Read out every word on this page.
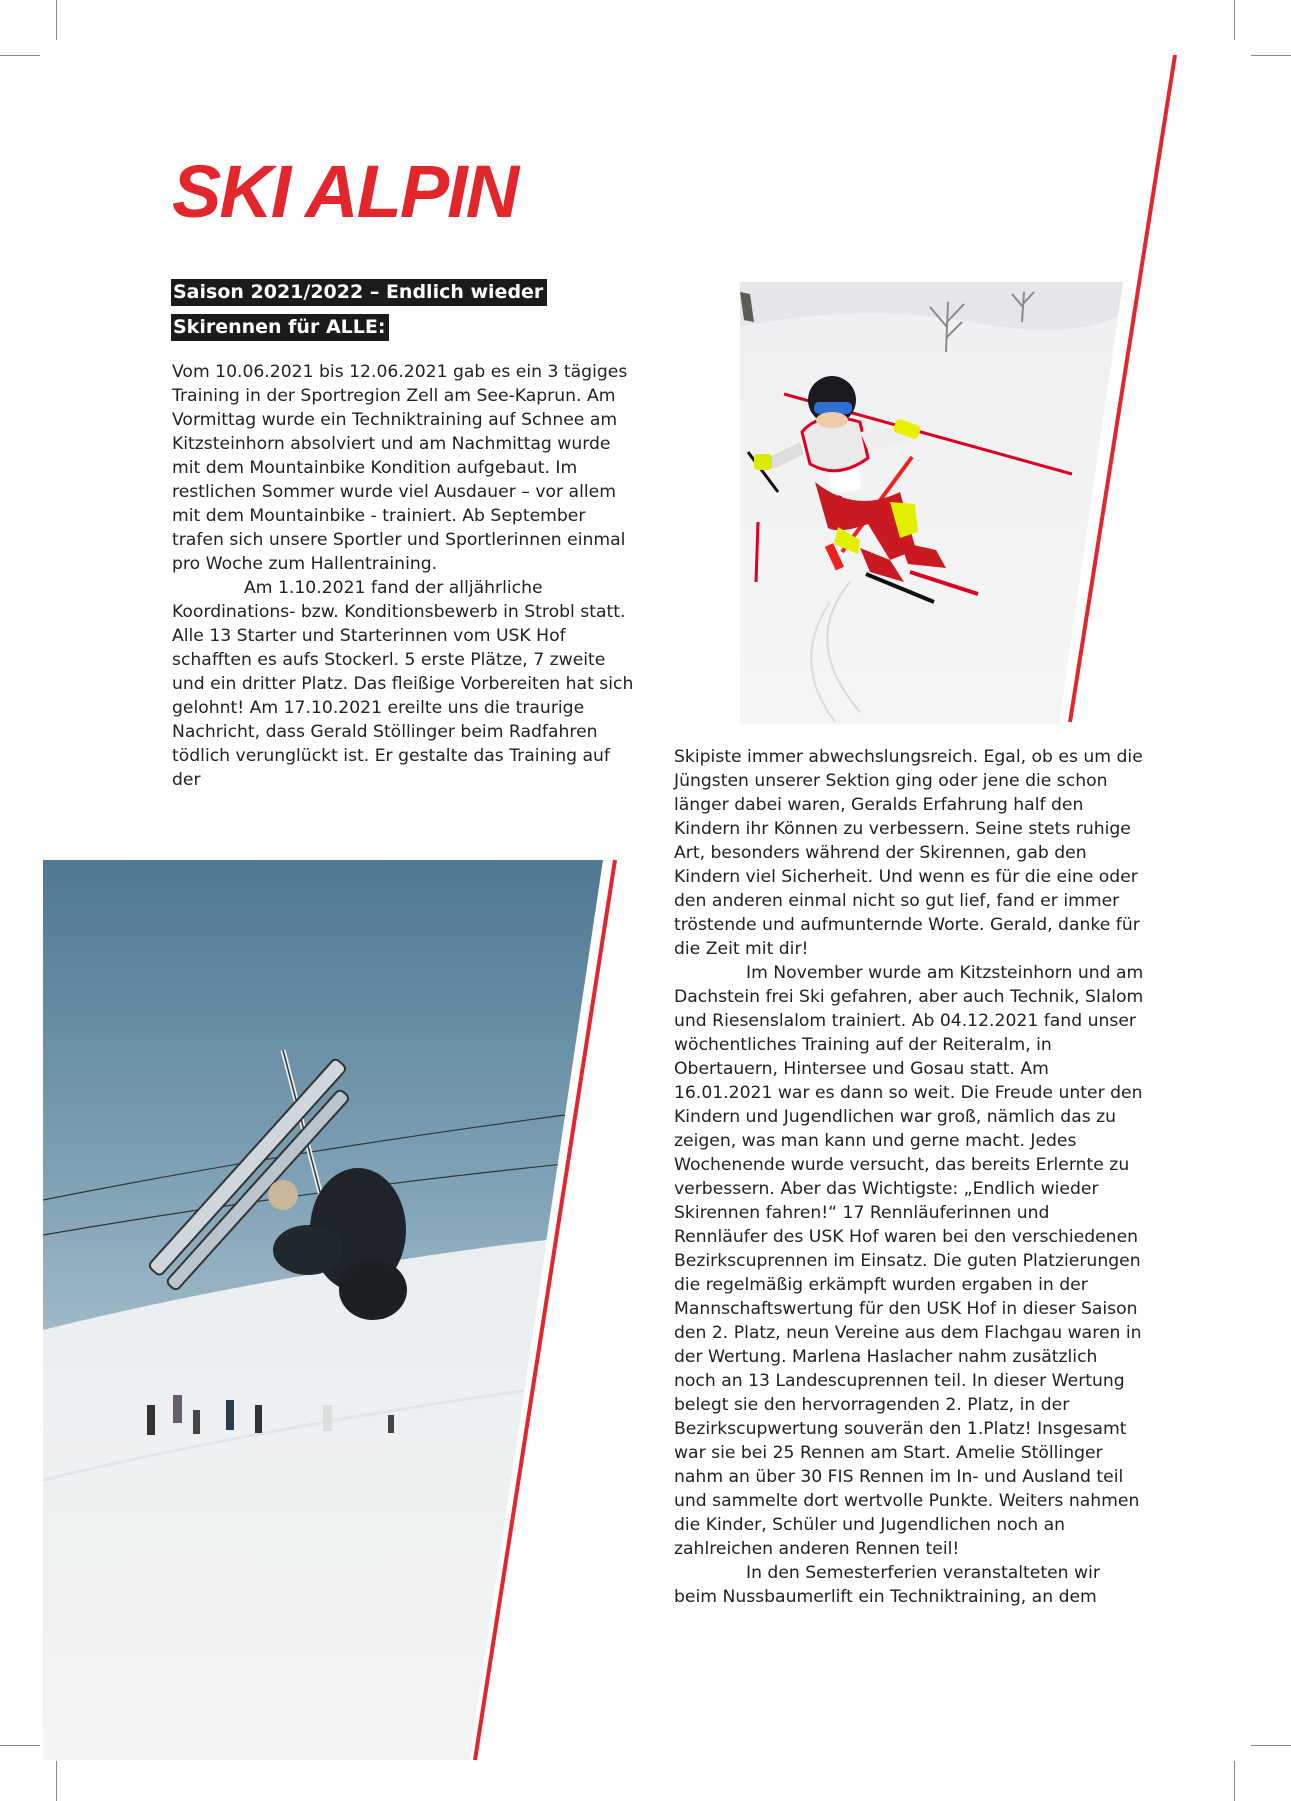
SKI ALPIN
Saison 2021/2022 – Endlich wieder
Skirennen für ALLE:

Vom 10.06.2021 bis 12.06.2021 gab es ein 3 tägiges Training in der Sportregion Zell am See-Kaprun. Am Vormittag wurde ein Techniktraining auf Schnee am Kitzsteinhorn absolviert und am Nachmittag wurde mit dem Mountainbike Kondition aufgebaut. Im restlichen Sommer wurde viel Ausdauer – vor allem mit dem Mountainbike - trainiert. Ab September trafen sich unsere Sportler und Sportlerinnen einmal pro Woche zum Hallentraining.

Am 1.10.2021 fand der alljährliche Koordinations- bzw. Konditionsbewerb in Strobl statt. Alle 13 Starter und Starterinnen vom USK Hof schafften es aufs Stockerl. 5 erste Plätze, 7 zweite und ein dritter Platz. Das fleißige Vorbereiten hat sich gelohnt! Am 17.10.2021 ereilte uns die traurige Nachricht, dass Gerald Stöllinger beim Radfahren tödlich verunglückt ist. Er gestalte das Training auf der

Skipiste immer abwechslungsreich. Egal, ob es um die Jüngsten unserer Sektion ging oder jene die schon länger dabei waren, Geralds Erfahrung half den Kindern ihr Können zu verbessern. Seine stets ruhige Art, besonders während der Skirennen, gab den Kindern viel Sicherheit. Und wenn es für die eine oder den anderen einmal nicht so gut lief, fand er immer tröstende und aufmunternde Worte. Gerald, danke für die Zeit mit dir!

Im November wurde am Kitzsteinhorn und am Dachstein frei Ski gefahren, aber auch Technik, Slalom und Riesenslalom trainiert. Ab 04.12.2021 fand unser wöchentliches Training auf der Reiteralm, in Obertauern, Hintersee und Gosau statt. Am 16.01.2021 war es dann so weit. Die Freude unter den Kindern und Jugendlichen war groß, nämlich das zu zeigen, was man kann und gerne macht. Jedes Wochenende wurde versucht, das bereits Erlernte zu verbessern. Aber das Wichtigste: „Endlich wieder Skirennen fahren!“ 17 Rennläuferinnen und Rennläufer des USK Hof waren bei den verschiedenen Bezirkscuprennen im Einsatz. Die guten Platzierungen die regelmäßig erkämpft wurden ergaben in der Mannschaftswertung für den USK Hof in dieser Saison den 2. Platz, neun Vereine aus dem Flachgau waren in der Wertung. Marlena Haslacher nahm zusätzlich noch an 13 Landescuprennen teil. In dieser Wertung belegt sie den hervorragenden 2. Platz, in der Bezirkscupwertung souverän den 1.Platz! Insgesamt war sie bei 25 Rennen am Start. Amelie Stöllinger nahm an über 30 FIS Rennen im In- und Ausland teil und sammelte dort wertvolle Punkte. Weiters nahmen die Kinder, Schüler und Jugendlichen noch an zahlreichen anderen Rennen teil!

In den Semesterferien veranstalteten wir beim Nussbaumerlift ein Techniktraining, an dem
